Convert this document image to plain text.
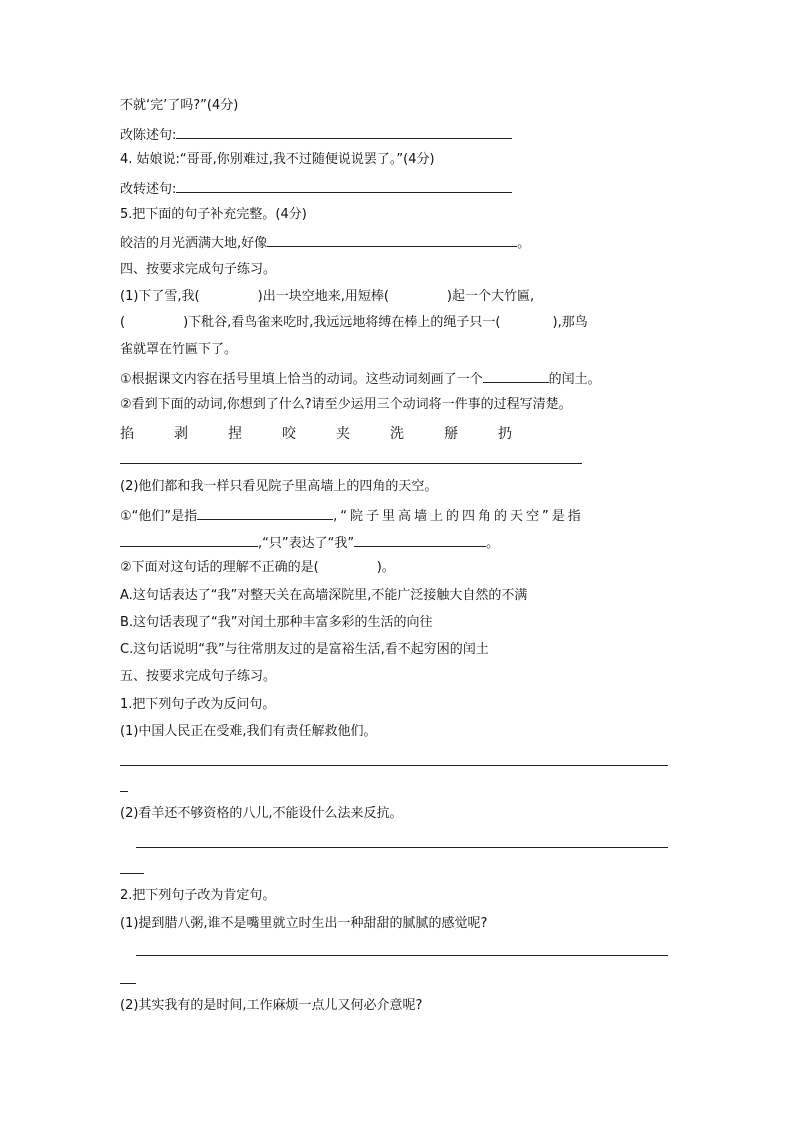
不就‘完’了吗?”(4分)
改陈述句:
4. 姑娘说:“哥哥,你别难过,我不过随便说说罢了。”(4分)
改转述句:
5.把下面的句子补充完整。(4分)
皎洁的月光洒满大地,好像	。
四、按要求完成句子练习。
(1)下了雪,我(	)出一块空地来,用短棒(	)起一个大竹匾,
(	)下秕谷,看鸟雀来吃时,我远远地将缚在棒上的绳子只一(	),那鸟
雀就罩在竹匾下了。
①根据课文内容在括号里填上恰当的动词。这些动词刻画了一个	的闰土。
②看到下面的动词,你想到了什么?请至少运用三个动词将一件事的过程写清楚。
掐	剥	捏	咬	夹	洗	掰	扔
(2)他们都和我一样只看见院子里高墙上的四角的天空。
①“他们”是指	,“院子里高墙上的四角的天空”是指
,“只”表达了“我”	。
②下面对这句话的理解不正确的是(	)。
A.这句话表达了“我”对整天关在高墙深院里,不能广泛接触大自然的不满
B.这句话表现了“我”对闰土那种丰富多彩的生活的向往
C.这句话说明“我”与往常朋友过的是富裕生活,看不起穷困的闰土
五、按要求完成句子练习。
1.把下列句子改为反问句。
(1)中国人民正在受难,我们有责任解救他们。
(2)看羊还不够资格的八儿,不能设什么法来反抗。
2.把下列句子改为肯定句。
(1)提到腊八粥,谁不是嘴里就立时生出一种甜甜的腻腻的感觉呢?
(2)其实我有的是时间,工作麻烦一点儿又何必介意呢?
